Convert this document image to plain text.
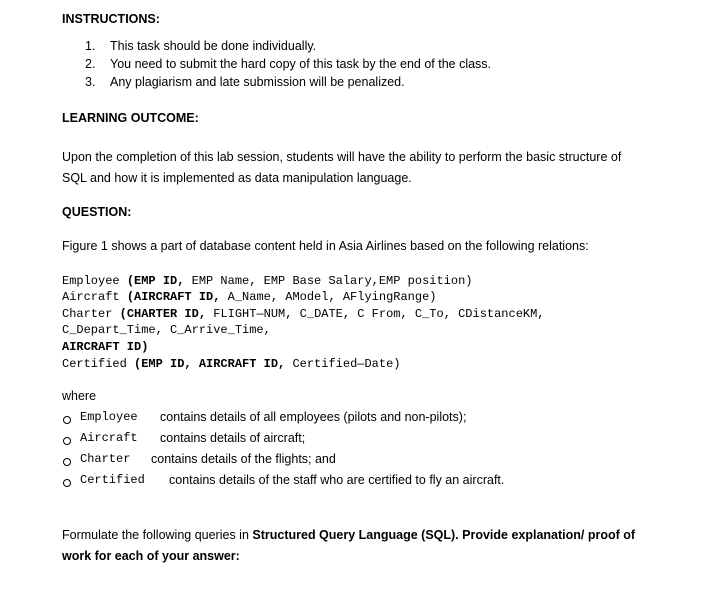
INSTRUCTIONS:
1. This task should be done individually.
2. You need to submit the hard copy of this task by the end of the class.
3. Any plagiarism and late submission will be penalized.
LEARNING OUTCOME:
Upon the completion of this lab session, students will have the ability to perform the basic structure of
SQL and how it is implemented as data manipulation language.
QUESTION:
Figure 1 shows a part of database content held in Asia Airlines based on the following relations:
Employee (EMP ID, EMP Name, EMP Base Salary,EMP position)
Aircraft (AIRCRAFT ID, A_Name, AModel, AFlyingRange)
Charter (CHARTER ID, FLIGHT—NUM, C_DATE, C From, C_To, CDistanceKM,
C_Depart_Time, C_Arrive_Time,
AIRCRAFT ID)
Certified (EMP ID, AIRCRAFT ID, Certified—Date)
where
Employee contains details of all employees (pilots and non-pilots);
Aircraft contains details of aircraft;
Charter contains details of the flights; and
Certified contains details of the staff who are certified to fly an aircraft.
Formulate the following queries in Structured Query Language (SQL). Provide explanation/ proof of
work for each of your answer:
